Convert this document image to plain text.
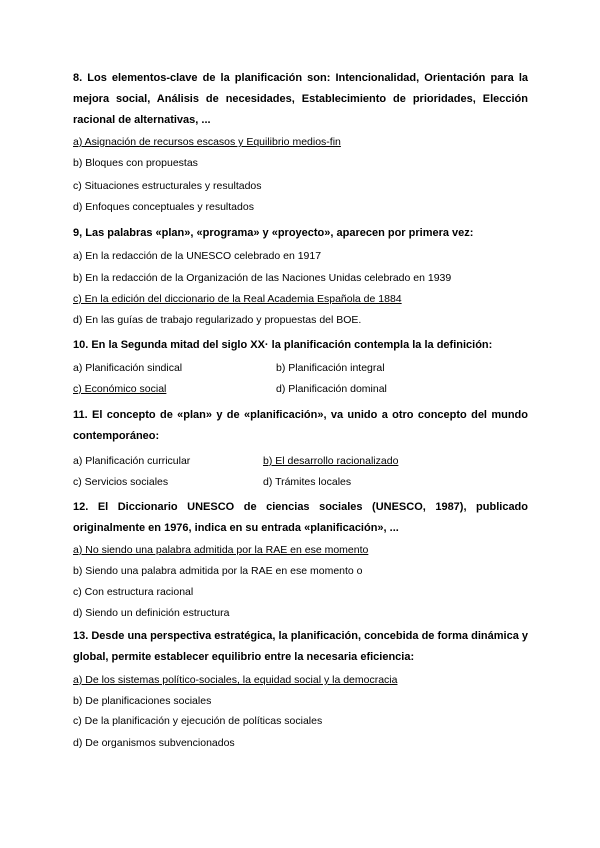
8. Los elementos-clave de la planificación son: Intencionalidad, Orientación para la mejora social, Análisis de necesidades, Establecimiento de prioridades, Elección racional de alternativas, ...

a) Asignación de recursos escasos y Equilibrio medios-fin

b) Bloques con propuestas

c) Situaciones estructurales y resultados

d) Enfoques conceptuales y resultados

9, Las palabras «plan», «programa» y «proyecto», aparecen por primera vez:

a) En la redacción de la UNESCO celebrado en 1917

b) En la redacción de la Organización de las Naciones Unidas celebrado en 1939

c) En la edición del diccionario de la Real Academia Española de 1884

d) En las guías de trabajo regularizado y propuestas del BOE.

10. En la Segunda mitad del siglo XX· la planificación contempla la la definición:

a) Planificación sindical	b) Planificación integral

c) Económico social	d) Planificación dominal

11. El concepto de «plan» y de «planificación», va unido a otro concepto del mundo contemporáneo:

a) Planificación curricular	b) El desarrollo racionalizado

c) Servicios sociales	d) Trámites locales

12. El Diccionario UNESCO de ciencias sociales (UNESCO, 1987), publicado originalmente en 1976, indica en su entrada «planificación», ...

a) No siendo una palabra admitida por la RAE en ese momento

b) Siendo una palabra admitida por la RAE en ese momento o

c) Con estructura racional

d) Siendo un definición estructura

13. Desde una perspectiva estratégica, la planificación, concebida de forma dinámica y global, permite establecer equilibrio entre la necesaria eficiencia:

a) De los sistemas político-sociales, la equidad social y la democracia

b) De planificaciones sociales

c) De la planificación y ejecución de políticas sociales

d) De organismos subvencionados
